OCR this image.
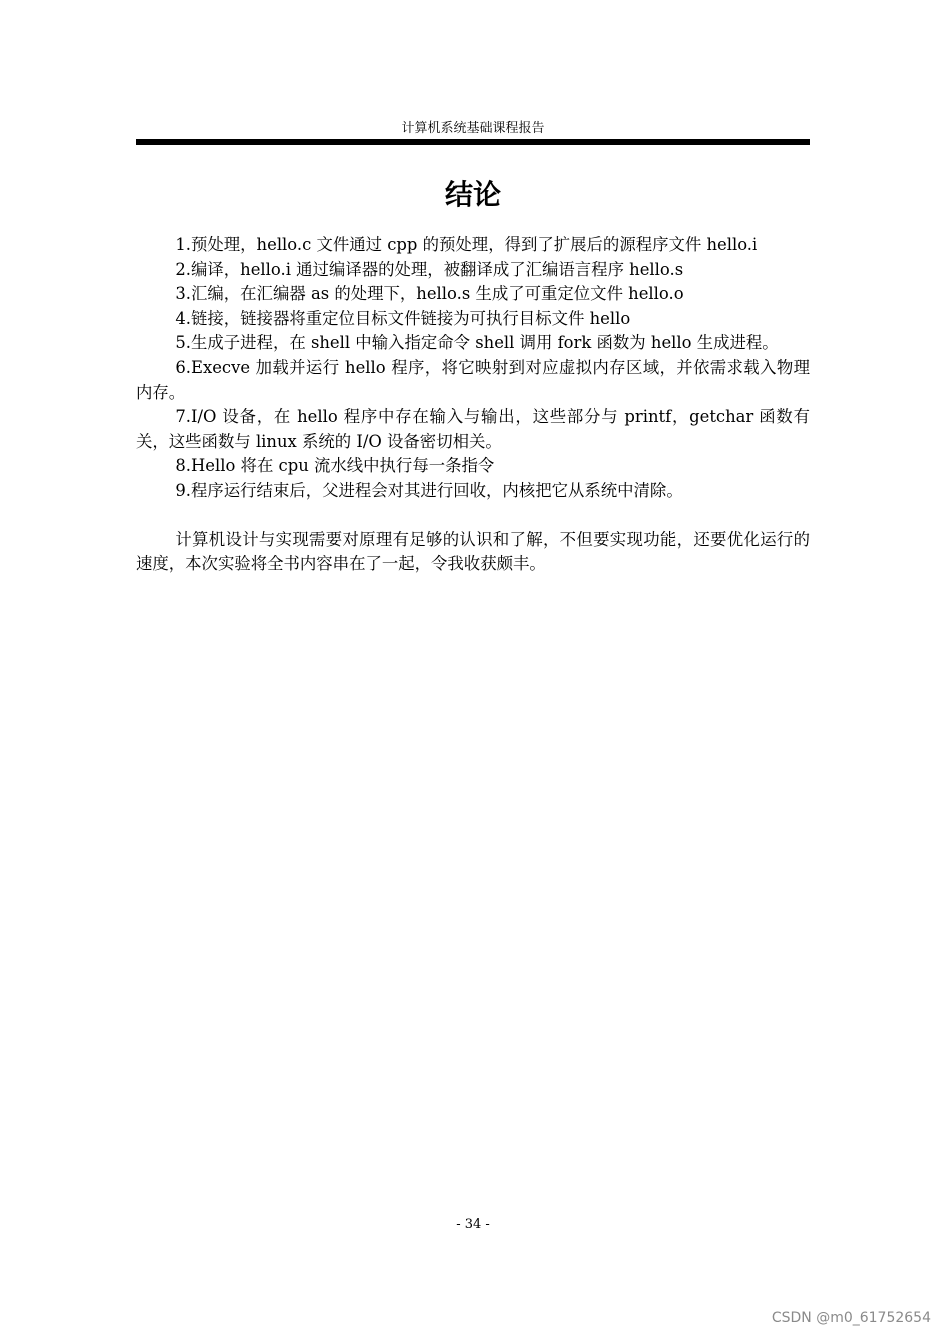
计算机系统基础课程报告
结论

1.预处理，hello.c 文件通过 cpp 的预处理，得到了扩展后的源程序文件 hello.i

2.编译，hello.i 通过编译器的处理，被翻译成了汇编语言程序 hello.s

3.汇编，在汇编器 as 的处理下，hello.s 生成了可重定位文件 hello.o

4.链接，链接器将重定位目标文件链接为可执行目标文件 hello

5.生成子进程，在 shell 中输入指定命令 shell 调用 fork 函数为 hello 生成进程。

6.Execve 加载并运行 hello 程序，将它映射到对应虚拟内存区域，并依需求载入物理内存。

7.I/O 设备，在 hello 程序中存在输入与输出，这些部分与 printf，getchar 函数有关，这些函数与 linux 系统的 I/O 设备密切相关。

8.Hello 将在 cpu 流水线中执行每一条指令

9.程序运行结束后，父进程会对其进行回收，内核把它从系统中清除。

计算机设计与实现需要对原理有足够的认识和了解，不但要实现功能，还要优化运行的速度，本次实验将全书内容串在了一起，令我收获颇丰。

- 34 -
CSDN @m0_61752654
